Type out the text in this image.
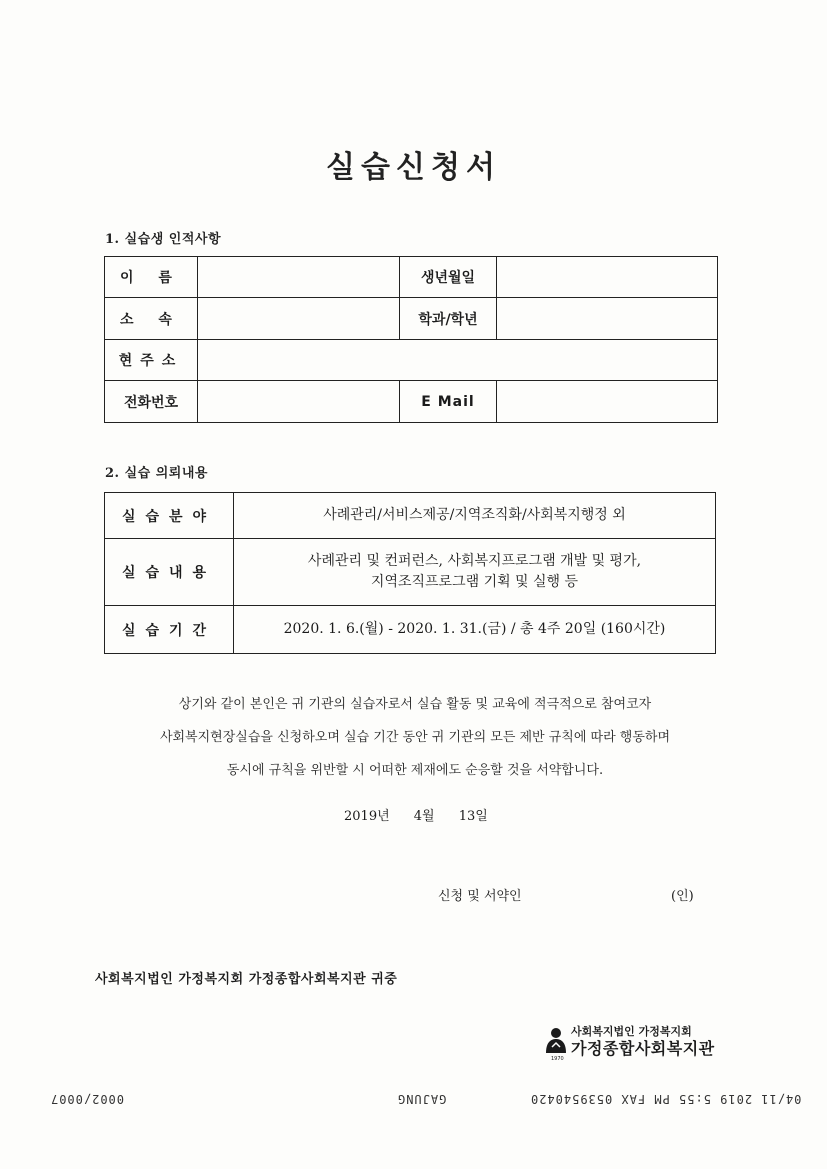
실습신청서
1. 실습생 인적사항
이 름		생년월일	
소 속		학과/학년	
현주소			
전화번호		E Mail	
2. 실습 의뢰내용
실습분야	사례관리/서비스제공/지역조직화/사회복지행정 외
실습내용	사례관리 및 컨퍼런스, 사회복지프로그램 개발 및 평가,
지역조직프로그램 기획 및 실행 등

실습기간	2020. 1. 6.(월) - 2020. 1. 31.(금) / 총 4주 20일 (160시간)
상기와 같이 본인은 귀 기관의 실습자로서 실습 활동 및 교육에 적극적으로 참여코자
사회복지현장실습을 신청하오며 실습 기간 동안 귀 기관의 모든 제반 규칙에 따라 행동하며
동시에 규칙을 위반할 시 어떠한 제재에도 순응할 것을 서약합니다.
2019년 4월 13일
신청 및 서약인	(인)
사회복지법인 가정복지회 가정종합사회복지관 귀중
1970
사회복지법인 가정복지회
가정종합사회복지관
0002/0007	GAJUNG	04/11 2019 5:55 PM FAX 0539540420
